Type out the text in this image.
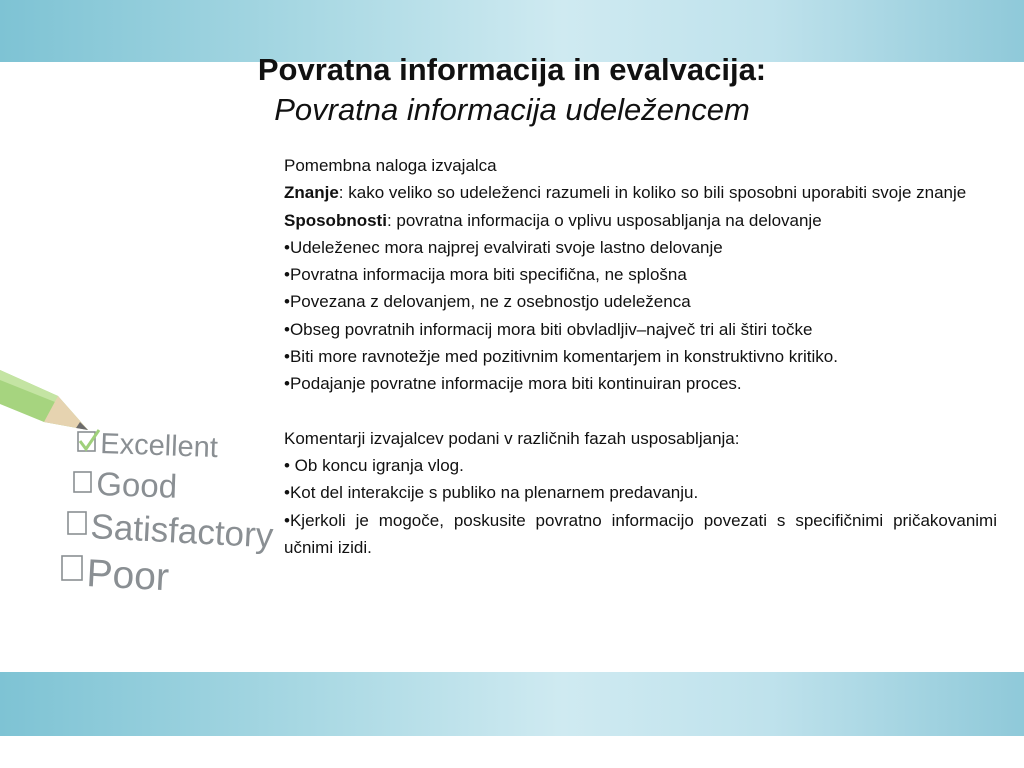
Povratna informacija in evalvacija:
Povratna informacija udeležencem
Excellent
Good
Satisfactory
Poor

Pomembna naloga izvajalca

Znanje: kako veliko so udeleženci razumeli in koliko so bili sposobni uporabiti svoje znanje

Sposobnosti: povratna informacija o vplivu usposabljanja na delovanje

•Udeleženec mora najprej evalvirati svoje lastno delovanje

•Povratna informacija mora biti specifična, ne splošna

•Povezana z delovanjem, ne z osebnostjo udeleženca

•Obseg povratnih informacij mora biti obvladljiv–največ tri ali štiri točke

•Biti more ravnotežje med pozitivnim komentarjem in konstruktivno kritiko.

•Podajanje povratne informacije mora biti kontinuiran proces.

Komentarji izvajalcev podani v različnih fazah usposabljanja:

• Ob koncu igranja vlog.

•Kot del interakcije s publiko na plenarnem predavanju.

•Kjerkoli je mogoče, poskusite povratno informacijo povezati s specifičnimi pričakovanimi učnimi izidi.
